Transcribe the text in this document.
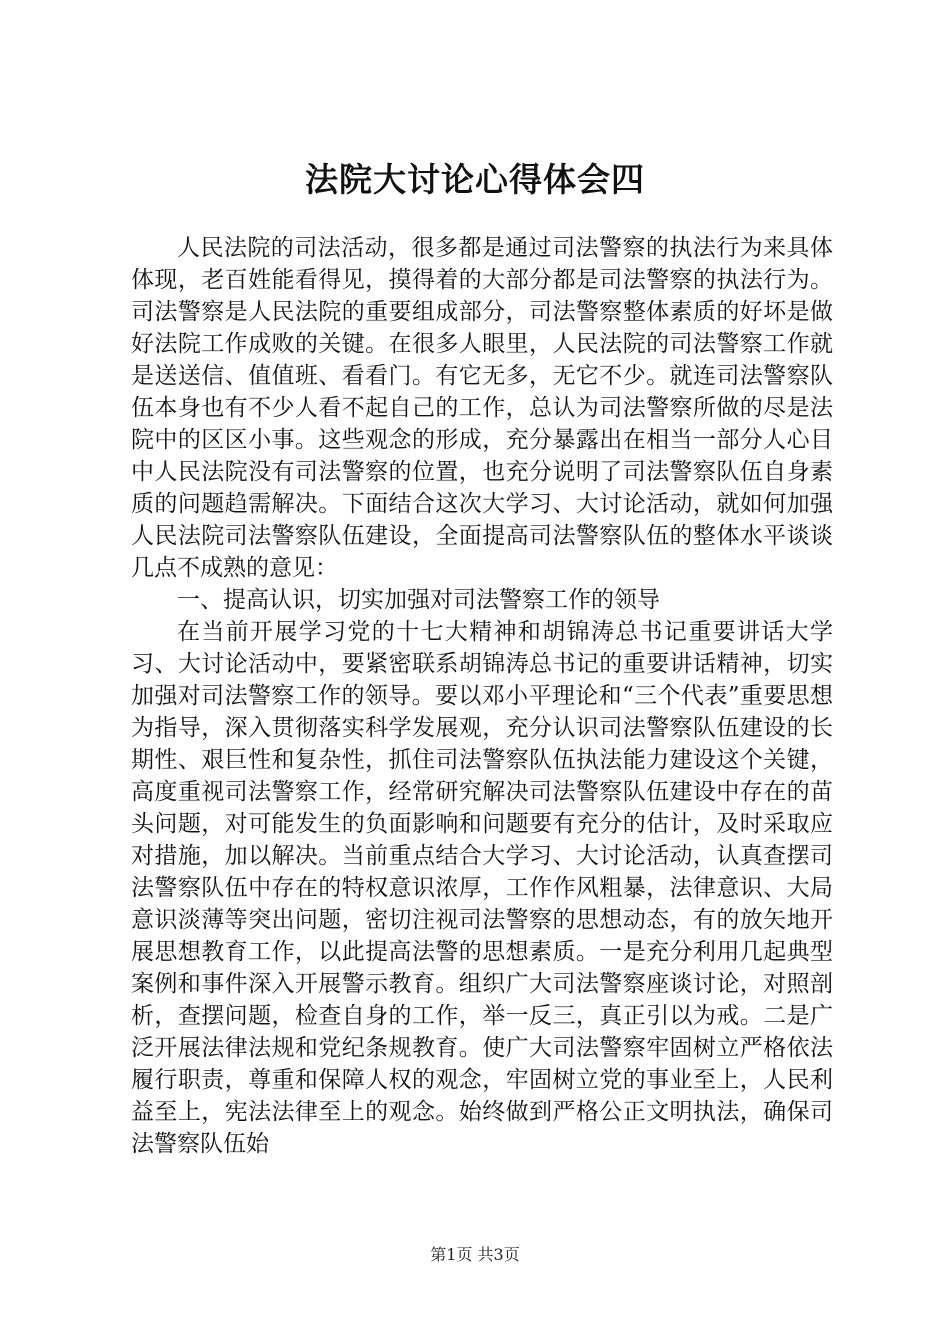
法院大讨论心得体会四

人民法院的司法活动，很多都是通过司法警察的执法行为来具体体现，老百姓能看得见，摸得着的大部分都是司法警察的执法行为。司法警察是人民法院的重要组成部分，司法警察整体素质的好坏是做好法院工作成败的关键。在很多人眼里，人民法院的司法警察工作就是送送信、值值班、看看门。有它无多，无它不少。就连司法警察队伍本身也有不少人看不起自己的工作，总认为司法警察所做的尽是法院中的区区小事。这些观念的形成，充分暴露出在相当一部分人心目中人民法院没有司法警察的位置，也充分说明了司法警察队伍自身素质的问题趋需解决。下面结合这次大学习、大讨论活动，就如何加强人民法院司法警察队伍建设，全面提高司法警察队伍的整体水平谈谈几点不成熟的意见：

一、提高认识，切实加强对司法警察工作的领导

在当前开展学习党的十七大精神和胡锦涛总书记重要讲话大学习、大讨论活动中，要紧密联系胡锦涛总书记的重要讲话精神，切实加强对司法警察工作的领导。要以邓小平理论和“三个代表”重要思想为指导，深入贯彻落实科学发展观，充分认识司法警察队伍建设的长期性、艰巨性和复杂性，抓住司法警察队伍执法能力建设这个关键，高度重视司法警察工作，经常研究解决司法警察队伍建设中存在的苗头问题，对可能发生的负面影响和问题要有充分的估计，及时采取应对措施，加以解决。当前重点结合大学习、大讨论活动，认真查摆司法警察队伍中存在的特权意识浓厚，工作作风粗暴，法律意识、大局意识淡薄等突出问题，密切注视司法警察的思想动态，有的放矢地开展思想教育工作，以此提高法警的思想素质。一是充分利用几起典型案例和事件深入开展警示教育。组织广大司法警察座谈讨论，对照剖析，查摆问题，检查自身的工作，举一反三，真正引以为戒。二是广泛开展法律法规和党纪条规教育。使广大司法警察牢固树立严格依法履行职责，尊重和保障人权的观念，牢固树立党的事业至上，人民利益至上，宪法法律至上的观念。始终做到严格公正文明执法，确保司法警察队伍始

第1页 共3页
